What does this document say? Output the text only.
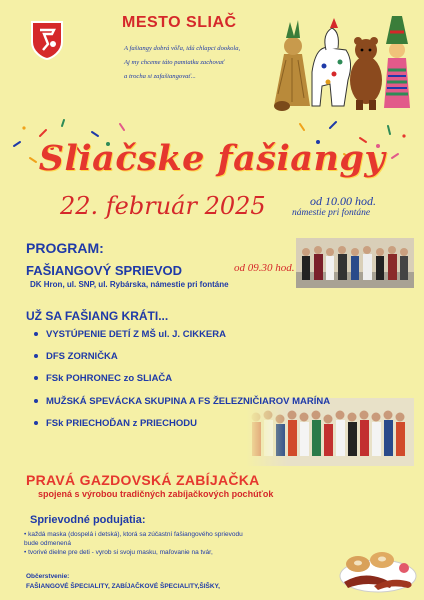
MESTO SLIAČ
A fašiangy dobrá vôľa, idú chlapci dookola,
Aj my chceme táto pamiatku zachovať
a trocha si zafašiangovať...
Sliačske fašiangy
22. február 2025	od 10.00 hod.
námestie pri fontáne
PROGRAM:
FAŠIANGOVÝ SPRIEVOD	od 09.30 hod.
DK Hron, ul. SNP, ul. Rybárska, námestie pri fontáne
UŽ SA FAŠIANG KRÁTI...
VYSTÚPENIE DETÍ Z MŠ ul. J. CIKKERA
DFS ZORNIČKA
FSk POHRONEC zo SLIAČA
MUŽSKÁ SPEVÁCKA SKUPINA A FS ŽELEZNIČIAROV MARÍNA
FSk PRIECHOĎAN z PRIECHODU
PRAVÁ GAZDOVSKÁ ZABÍJAČKA
spojená s výrobou tradičných zabíjačkových pochúťok
Sprievodné podujatia:
• každá maska (dospelá i detská), ktorá sa zúčastní fašiangového sprievodu
bude odmenená
• tvorivé dielne pre deti - vyrob si svoju masku, maľovanie na tvár,
Občerstvenie:
FAŠIANGOVÉ ŠPECIALITY, ZABÍJAČKOVÉ ŠPECIALITY,ŠIŠKY,
